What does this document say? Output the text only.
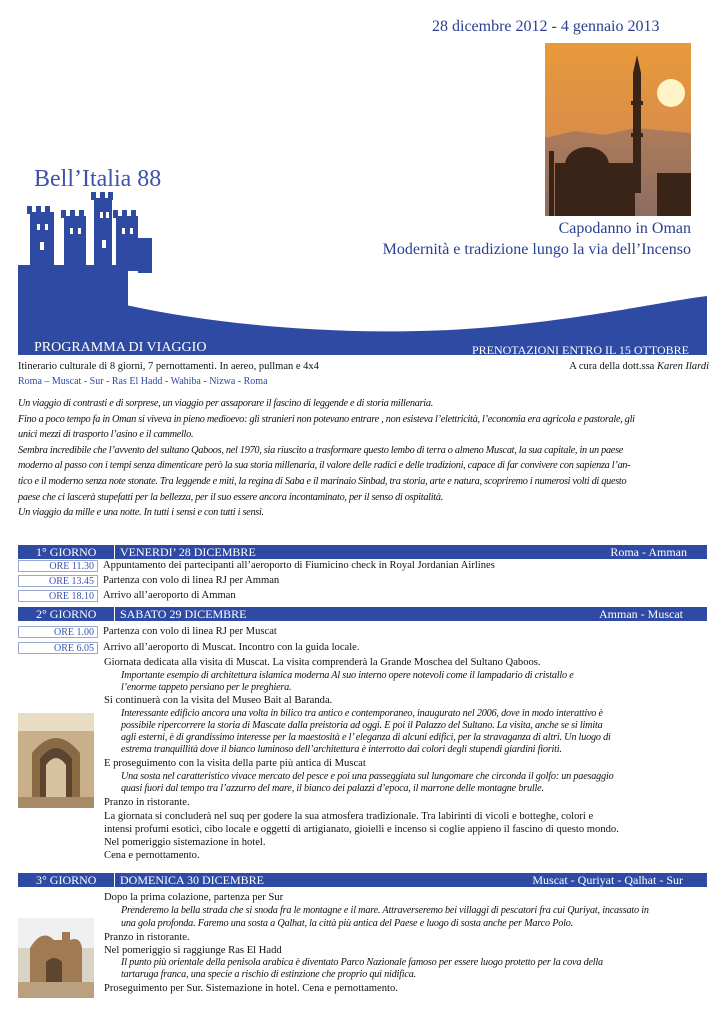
28 dicembre 2012 - 4 gennaio 2013
Bell’Italia 88
Capodanno in Oman
Modernità e tradizione lungo la via dell’Incenso
PROGRAMMA DI VIAGGIO	PRENOTAZIONI ENTRO IL 15 OTTOBRE
Itinerario culturale di 8 giorni, 7 pernottamenti. In aereo, pullman e 4x4	A cura della dott.ssa Karen Ilardi
Roma – Muscat - Sur - Ras El Hadd - Wahiba - Nizwa - Roma

Un viaggio di contrasti e di sorprese, un viaggio per assaporare il fascino di leggende e di storia millenaria.

Fino a poco tempo fa in Oman si viveva in pieno medioevo: gli stranieri non potevano entrare , non esisteva l’elettricità, l’economia era agricola e pastorale, gli

unici mezzi di trasporto l’asino e il cammello.

Sembra incredibile che l’avvento del sultano Qaboos, nel 1970, sia riuscito a trasformare questo lembo di terra o almeno Muscat, la sua capitale, in un paese

moderno al passo con i tempi senza dimenticare però la sua storia millenaria, il valore delle radici e delle tradizioni, capace di far convivere con sapienza l’an-

tico e il moderno senza note stonate. Tra leggende e miti, la regina di Saba e il marinaio Sinbad, tra storia, arte e natura, scopriremo i numerosi volti di questo

paese che ci lascerà stupefatti per la bellezza, per il suo essere ancora incontaminato, per il senso di ospitalità.

Un viaggio da mille e una notte. In tutti i sensi e con tutti i sensi.

1° GIORNO VENERDI’ 28 DICEMBRE	Roma - Amman
ORE 11.30 Appuntamento dei partecipanti all’aeroporto di Fiumicino check in Royal Jordanian Airlines
ORE 13.45 Partenza con volo di linea RJ per Amman
ORE 18.10 Arrivo all’aeroporto di Amman
2° GIORNO SABATO 29 DICEMBRE	Amman - Muscat
ORE 1.00 Partenza con volo di linea RJ per Muscat
ORE 6.05 Arrivo all’aeroporto di Muscat. Incontro con la guida locale.
Giornata dedicata alla visita di Muscat. La visita comprenderà la Grande Moschea del Sultano Qaboos.
Importante esempio di architettura islamica moderna Al suo interno opere notevoli come il lampadario di cristallo e
l’enorme tappeto persiano per le preghiera.
Si continuerà con la visita del Museo Bait al Baranda.
Interessante edificio ancora una volta in bilico tra antico e contemporaneo, inaugurato nel 2006, dove in modo interattivo è
possibile ripercorrere la storia di Mascate dalla preistoria ad oggi. E poi il Palazzo del Sultano. La visita, anche se si limita
agli esterni, è di grandissimo interesse per la maestosità e l’ eleganza di alcuni edifici, per la stravaganza di altri. Un luogo di
estrema tranquillità dove il bianco luminoso dell’architettura è interrotto dai colori degli stupendi giardini fioriti.
E proseguimento con la visita della parte più antica di Muscat
Una sosta nel caratteristico vivace mercato del pesce e poi una passeggiata sul lungomare che circonda il golfo: un paesaggio
quasi fuori dal tempo tra l’azzurro del mare, il bianco dei palazzi d’epoca, il marrone delle montagne brulle.
Pranzo in ristorante.
La giornata si concluderà nel suq per godere la sua atmosfera tradizionale. Tra labirinti di vicoli e botteghe, colori e
intensi profumi esotici, cibo locale e oggetti di artigianato, gioielli e incenso si coglie appieno il fascino di questo mondo.
Nel pomeriggio sistemazione in hotel.
Cena e pernottamento.
3° GIORNO DOMENICA 30 DICEMBRE	Muscat - Quriyat - Qalhat - Sur
Dopo la prima colazione, partenza per Sur
Prenderemo la bella strada che si snoda fra le montagne e il mare. Attraverseremo bei villaggi di pescatori fra cui Quriyat, incassato in
una gola profonda. Faremo una sosta a Qalhat, la città più antica del Paese e luogo di sosta anche per Marco Polo.
Pranzo in ristorante.
Nel pomeriggio si raggiunge Ras El Hadd
Il punto più orientale della penisola arabica è diventato Parco Nazionale famoso per essere luogo protetto per la cova della
tartaruga franca, una specie a rischio di estinzione che proprio qui nidifica.
Proseguimento per Sur. Sistemazione in hotel. Cena e pernottamento.
